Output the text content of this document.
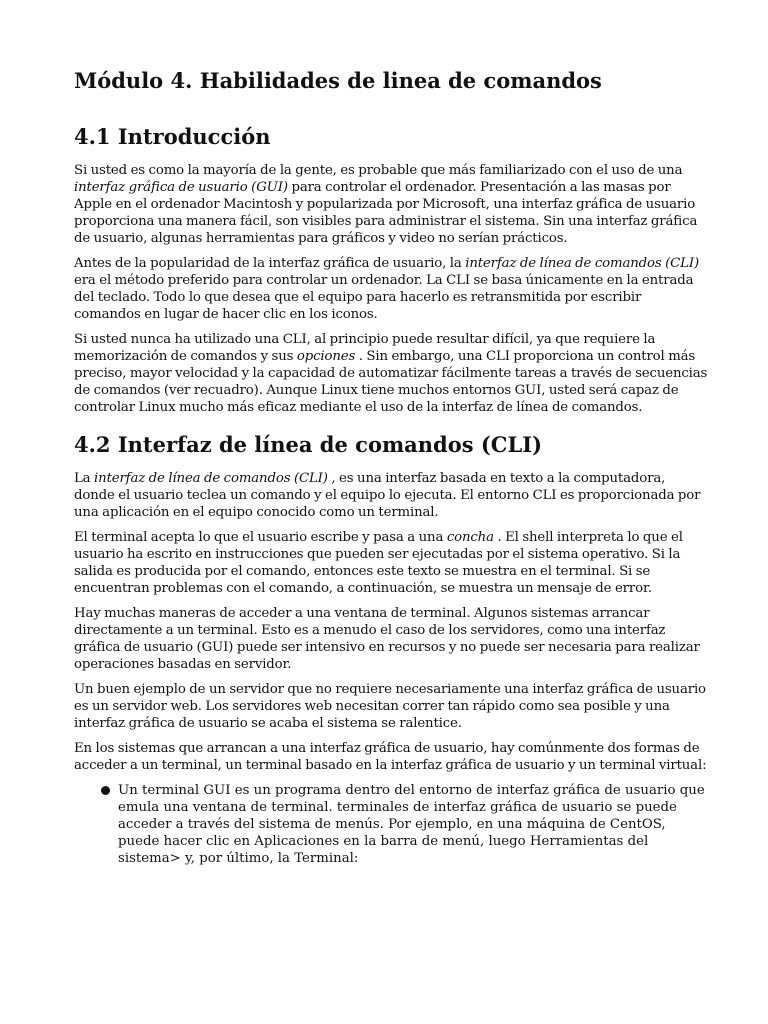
Módulo 4. Habilidades de linea de comandos
4.1 Introducción

Si usted es como la mayoría de la gente, es probable que más familiarizado con el uso de una interfaz gráfica de usuario (GUI) para controlar el ordenador. Presentación a las masas por Apple en el ordenador Macintosh y popularizada por Microsoft, una interfaz gráfica de usuario proporciona una manera fácil, son visibles para administrar el sistema. Sin una interfaz gráfica de usuario, algunas herramientas para gráficos y video no serían prácticos.

Antes de la popularidad de la interfaz gráfica de usuario, la interfaz de línea de comandos (CLI) era el método preferido para controlar un ordenador. La CLI se basa únicamente en la entrada del teclado. Todo lo que desea que el equipo para hacerlo es retransmitida por escribir comandos en lugar de hacer clic en los iconos.

Si usted nunca ha utilizado una CLI, al principio puede resultar difícil, ya que requiere la memorización de comandos y sus opciones . Sin embargo, una CLI proporciona un control más preciso, mayor velocidad y la capacidad de automatizar fácilmente tareas a través de secuencias de comandos (ver recuadro). Aunque Linux tiene muchos entornos GUI, usted será capaz de controlar Linux mucho más eficaz mediante el uso de la interfaz de línea de comandos.

4.2 Interfaz de línea de comandos (CLI)

La interfaz de línea de comandos (CLI) , es una interfaz basada en texto a la computadora, donde el usuario teclea un comando y el equipo lo ejecuta. El entorno CLI es proporcionada por una aplicación en el equipo conocido como un terminal.

El terminal acepta lo que el usuario escribe y pasa a una concha . El shell interpreta lo que el usuario ha escrito en instrucciones que pueden ser ejecutadas por el sistema operativo. Si la salida es producida por el comando, entonces este texto se muestra en el terminal. Si se encuentran problemas con el comando, a continuación, se muestra un mensaje de error.

Hay muchas maneras de acceder a una ventana de terminal. Algunos sistemas arrancar directamente a un terminal. Esto es a menudo el caso de los servidores, como una interfaz gráfica de usuario (GUI) puede ser intensivo en recursos y no puede ser necesaria para realizar operaciones basadas en servidor.

Un buen ejemplo de un servidor que no requiere necesariamente una interfaz gráfica de usuario es un servidor web. Los servidores web necesitan correr tan rápido como sea posible y una interfaz gráfica de usuario se acaba el sistema se ralentice.

En los sistemas que arrancan a una interfaz gráfica de usuario, hay comúnmente dos formas de acceder a un terminal, un terminal basado en la interfaz gráfica de usuario y un terminal virtual:

Un terminal GUI es un programa dentro del entorno de interfaz gráfica de usuario que emula una ventana de terminal. terminales de interfaz gráfica de usuario se puede acceder a través del sistema de menús. Por ejemplo, en una máquina de CentOS, puede hacer clic en Aplicaciones en la barra de menú, luego Herramientas del sistema> y, por último, la Terminal:
